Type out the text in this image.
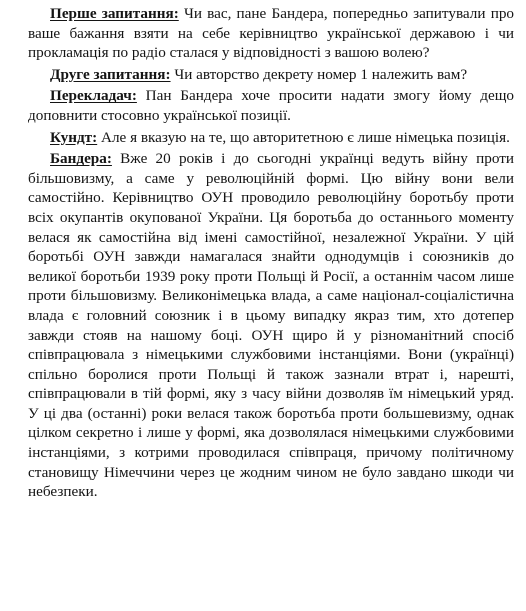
Перше запитання: Чи вас, пане Бандера, попередньо запитували про ваше бажання взяти на себе керівництво української державою і чи прокламація по радіо сталася у відповідності з вашою волею?

Друге запитання: Чи авторство декрету номер 1 належить вам?

Перекладач: Пан Бандера хоче просити надати змогу йому дещо доповнити стосовно української позиції.

Кундт: Але я вказую на те, що авторитетною є лише німецька позиція.

Бандера: Вже 20 років і до сьогодні українці ведуть війну проти більшовизму, а саме у революційній формі. Цю війну вони вели самостійно. Керівництво ОУН проводило революційну боротьбу проти всіх окупантів окупованої України. Ця боротьба до останнього моменту велася як самостійна від імені самостійної, незалежної України. У цій боротьбі ОУН завжди намагалася знайти однодумців і союзників до великої боротьби 1939 року проти Польщі й Росії, а останнім часом лише проти більшовизму. Великонімецька влада, а саме націонал-соціалістична влада є головний союзник і в цьому випадку якраз тим, хто дотепер завжди стояв на нашому боці. ОУН щиро й у різноманітний спосіб співпрацювала з німецькими службовими інстанціями. Вони (українці) спільно боролися проти Польщі й також зазнали втрат і, нарешті, співпрацювали в тій формі, яку з часу війни дозволяв їм німецький уряд. У ці два (останні) роки велася також боротьба проти большевизму, однак цілком секретно і лише у формі, яка дозволялася німецькими службовими інстанціями, з котрими проводилася співпраця, причому політичному становищу Німеччини через це жодним чином не було завдано шкоди чи небезпеки.
